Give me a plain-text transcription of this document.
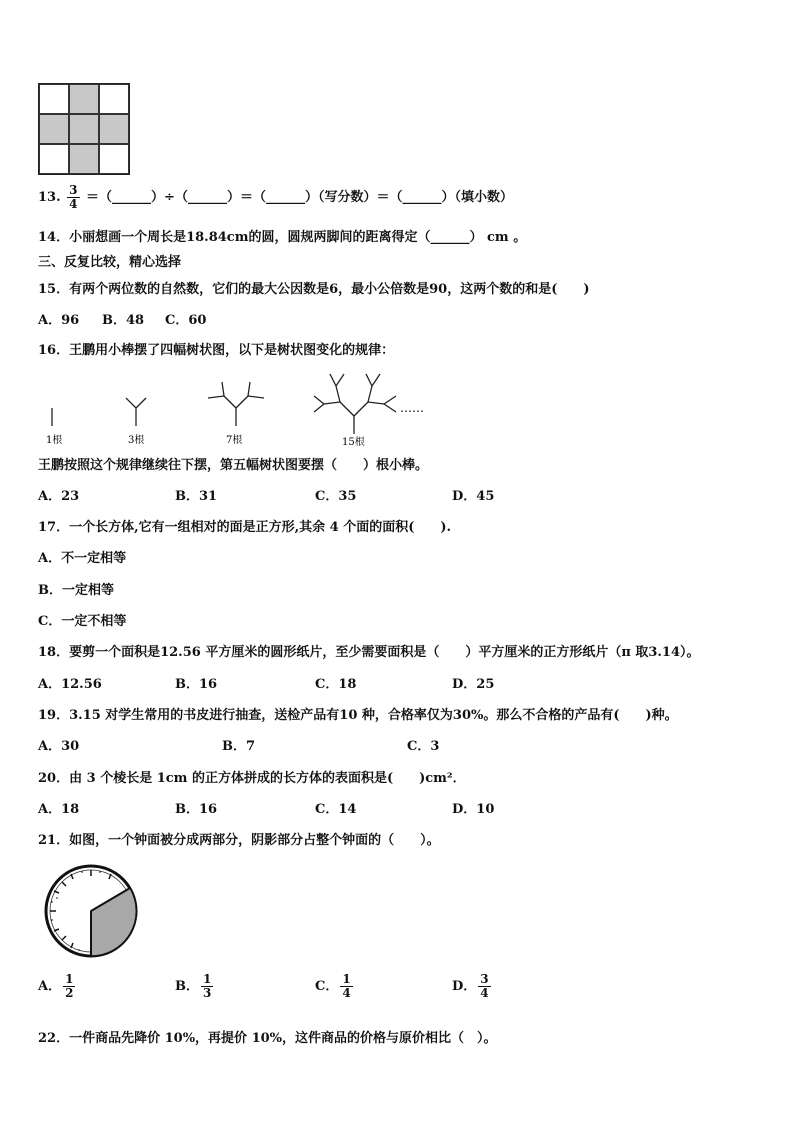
13. $\frac{3}{4}$ ＝（______）÷（______）＝（______）（写分数）＝（______）（填小数）
14．小丽想画一个周长是18.84cm的圆，圆规两脚间的距离得定（______） cm 。
三、反复比较，精心选择
15．有两个两位数的自然数，它们的最大公因数是6，最小公倍数是90，这两个数的和是(　　)
A．96 B．48 C．60
16．王鹏用小棒摆了四幅树状图，以下是树状图变化的规律：
1根	3根	7根	15根
……
王鹏按照这个规律继续往下摆，第五幅树状图要摆（　　）根小棒。
A．23	B．31	C．35	D．45
17．一个长方体,它有一组相对的面是正方形,其余 4 个面的面积(　　).
A．不一定相等
B．一定相等
C．一定不相等
18．要剪一个面积是12.56 平方厘米的圆形纸片，至少需要面积是（　　）平方厘米的正方形纸片（π 取3.14）。
A．12.56	B．16	C．18	D．25
19．3.15 对学生常用的书皮进行抽查，送检产品有10 种，合格率仅为30%。那么不合格的产品有(　　)种。
A．30	B．7	C．3
20．由 3 个棱长是 1cm 的正方体拼成的长方体的表面积是(　　)cm²．
A．18	B．16	C．14	D．10
21．如图，一个钟面被分成两部分，阴影部分占整个钟面的（　　）。
A． $\frac{1}{2}$	B． $\frac{1}{3}$	C． $\frac{1}{4}$	D． $\frac{3}{4}$
22．一件商品先降价 10%，再提价 10%，这件商品的价格与原价相比（　）。
